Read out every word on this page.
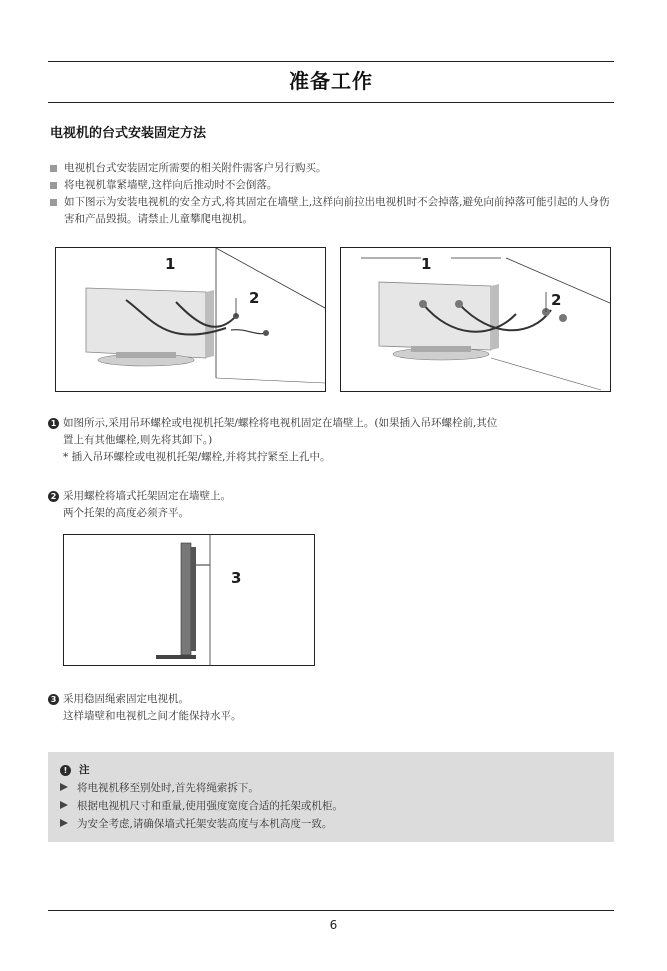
准备工作
电视机的台式安装固定方法
电视机台式安装固定所需要的相关附件需客户另行购买。
将电视机靠紧墙壁,这样向后推动时不会倒落。
如下图示为安装电视机的安全方式,将其固定在墙壁上,这样向前拉出电视机时不会掉落,避免向前掉落可能引起的人身伤害和产品毁损。请禁止儿童攀爬电视机。
1
2
1
2
1 如图所示,采用吊环螺栓或电视机托架/螺栓将电视机固定在墙壁上。(如果插入吊环螺栓前,其位
置上有其他螺栓,则先将其卸下。)
* 插入吊环螺栓或电视机托架/螺栓,并将其拧紧至上孔中。
2 采用螺栓将墙式托架固定在墙壁上。
两个托架的高度必须齐平。
3
3 采用稳固绳索固定电视机。
这样墙壁和电视机之间才能保持水平。
! 注
将电视机移至别处时,首先将绳索拆下。
根据电视机尺寸和重量,使用强度宽度合适的托架或机柜。
为安全考虑,请确保墙式托架安装高度与本机高度一致。
6
